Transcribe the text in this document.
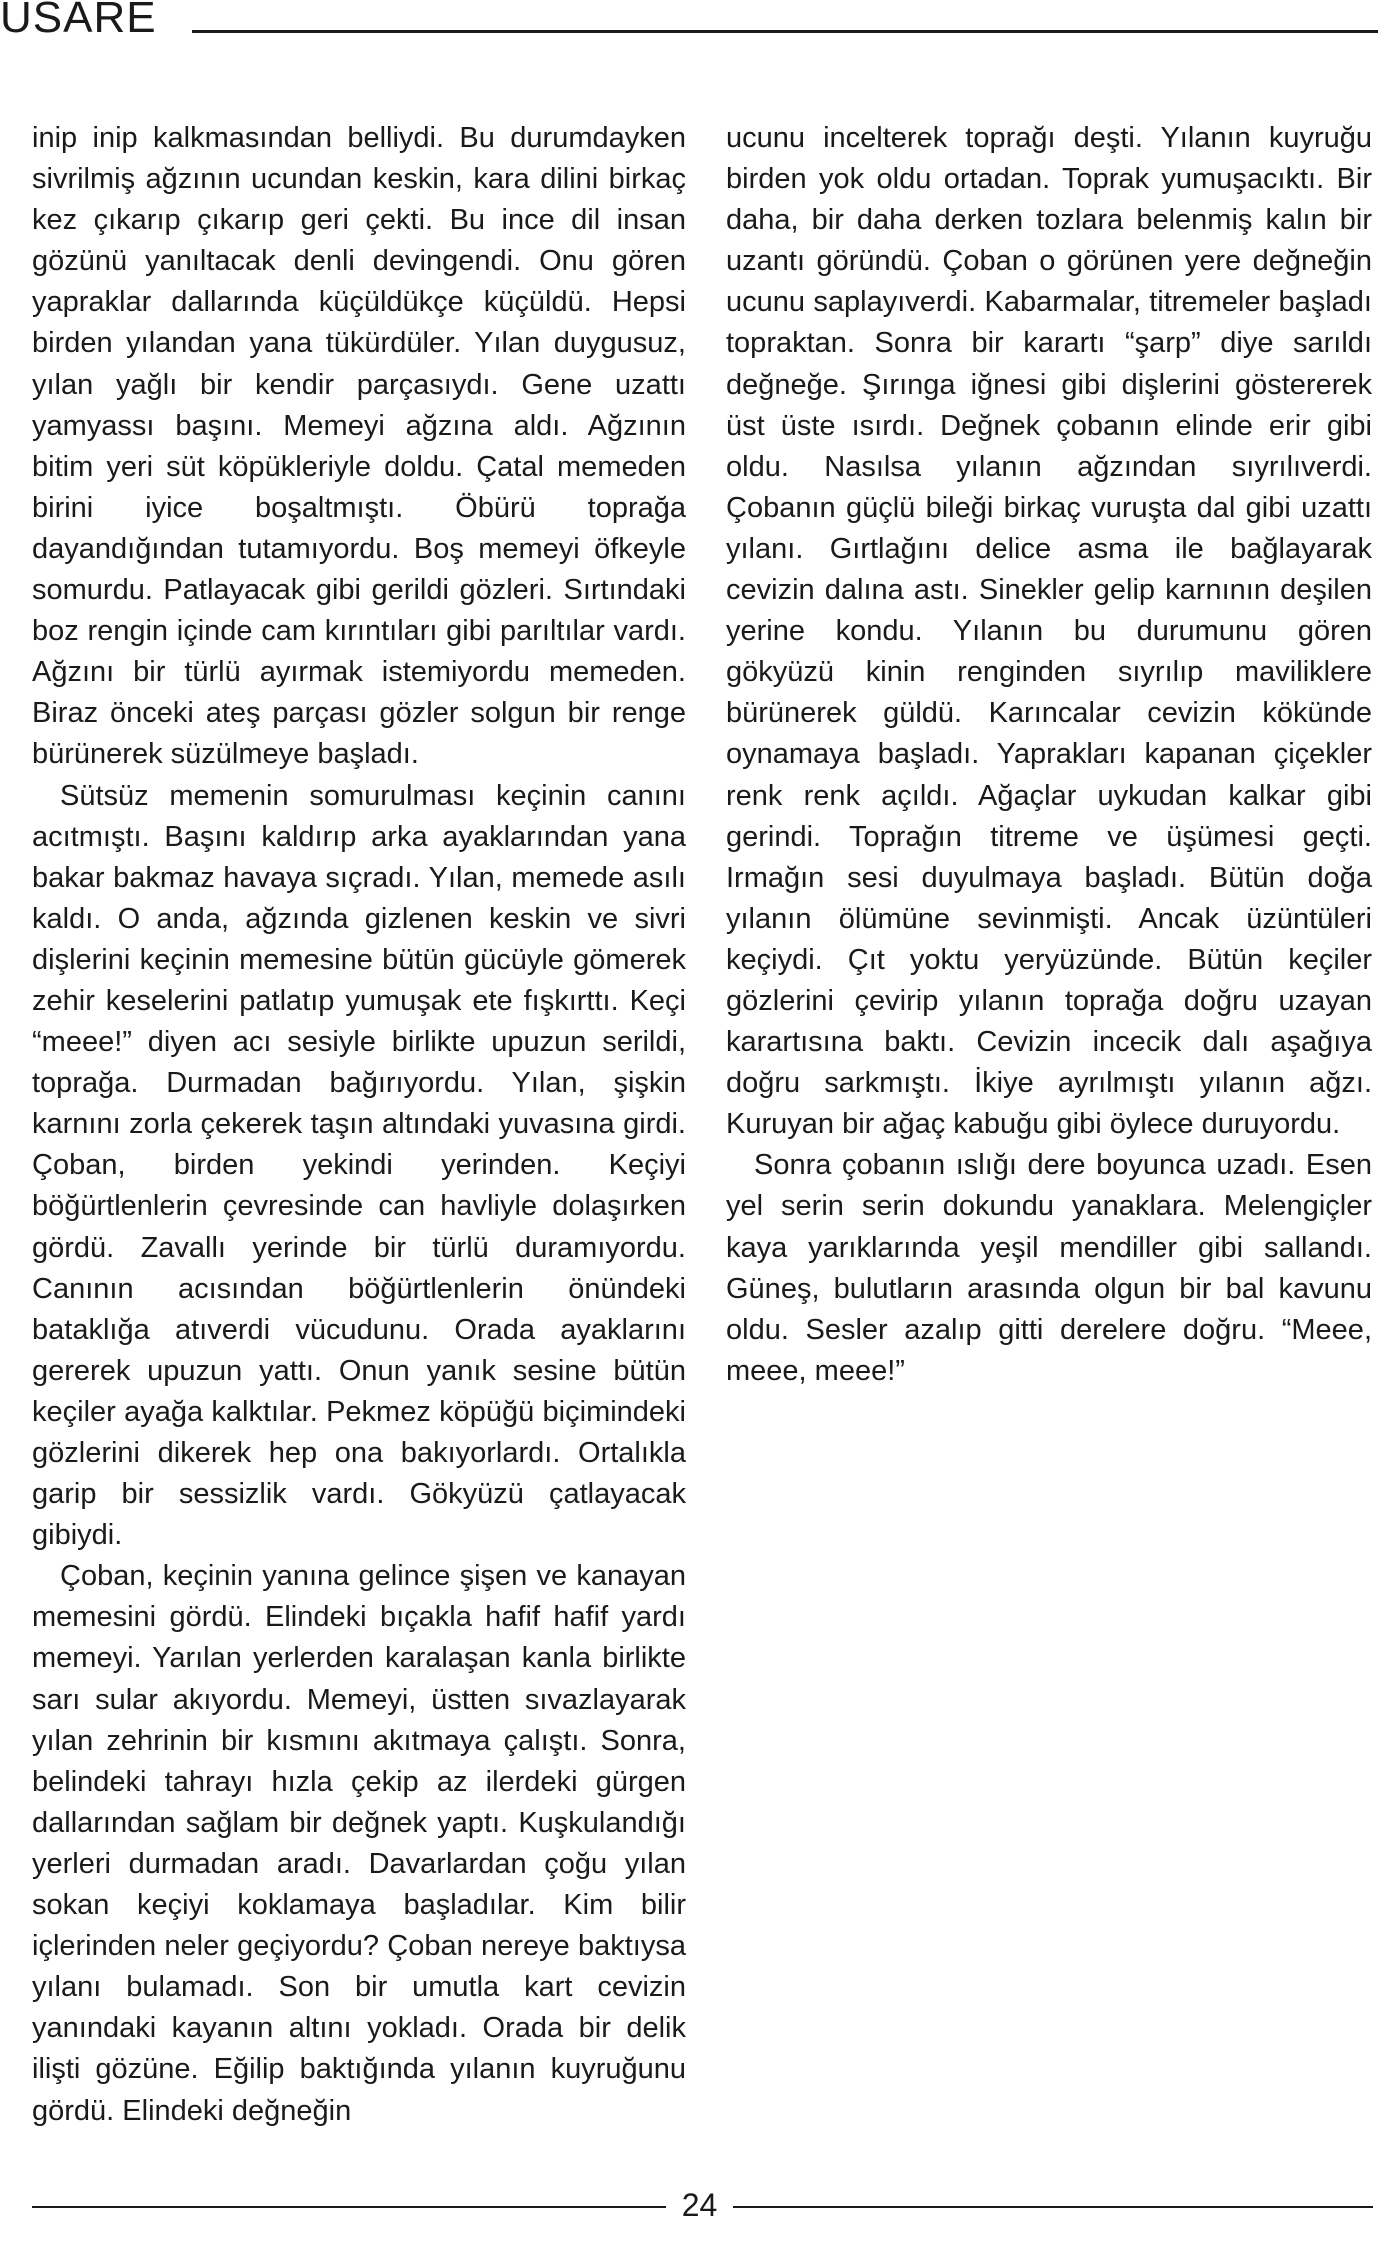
USARE

inip inip kalkmasından belliydi. Bu durumdayken sivrilmiş ağzının ucundan keskin, kara dilini birkaç kez çıkarıp çıkarıp geri çekti. Bu ince dil insan gözünü yanıltacak denli devingendi. Onu gören yapraklar dallarında küçüldükçe küçüldü. Hepsi birden yılandan yana tükürdüler. Yılan duygusuz, yılan yağlı bir kendir parçasıydı. Gene uzattı yamyassı başını. Memeyi ağzına aldı. Ağzının bitim yeri süt köpükleriyle doldu. Çatal memeden birini iyice boşaltmıştı. Öbürü toprağa dayandığından tutamıyordu. Boş memeyi öfkeyle somurdu. Patlayacak gibi gerildi gözleri. Sırtındaki boz rengin içinde cam kırıntıları gibi parıltılar vardı. Ağzını bir türlü ayırmak istemiyordu memeden. Biraz önceki ateş parçası gözler solgun bir renge bürünerek süzülmeye başladı.

Sütsüz memenin somurulması keçinin canını acıtmıştı. Başını kaldırıp arka ayaklarından yana bakar bakmaz havaya sıçradı. Yılan, memede asılı kaldı. O anda, ağzında gizlenen keskin ve sivri dişlerini keçinin memesine bütün gücüyle gömerek zehir keselerini patlatıp yumuşak ete fışkırttı. Keçi “meee!” diyen acı sesiyle birlikte upuzun serildi, toprağa. Durmadan bağırıyordu. Yılan, şişkin karnını zorla çekerek taşın altındaki yuvasına girdi. Çoban, birden yekindi yerinden. Keçiyi böğürtlenlerin çevresinde can havliyle dolaşırken gördü. Zavallı yerinde bir türlü duramıyordu. Canının acısından böğürtlenlerin önündeki bataklığa atıverdi vücudunu. Orada ayaklarını gererek upuzun yattı. Onun yanık sesine bütün keçiler ayağa kalktılar. Pekmez köpüğü biçimindeki gözlerini dikerek hep ona bakıyorlardı. Ortalıkla garip bir sessizlik vardı. Gökyüzü çatlayacak gibiydi.

Çoban, keçinin yanına gelince şişen ve kanayan memesini gördü. Elindeki bıçakla hafif hafif yardı memeyi. Yarılan yerlerden karalaşan kanla birlikte sarı sular akıyordu. Memeyi, üstten sıvazlayarak yılan zehrinin bir kısmını akıtmaya çalıştı. Sonra, belindeki tahrayı hızla çekip az ilerdeki gürgen dallarından sağlam bir değnek yaptı. Kuşkulandığı yerleri durmadan aradı. Davarlardan çoğu yılan sokan keçiyi koklamaya başladılar. Kim bilir içlerinden neler geçiyordu? Çoban nereye baktıysa yılanı bulamadı. Son bir umutla kart cevizin yanındaki kayanın altını yokladı. Orada bir delik ilişti gözüne. Eğilip baktığında yılanın kuyruğunu gördü. Elindeki değneğin

ucunu incelterek toprağı deşti. Yılanın kuyruğu birden yok oldu ortadan. Toprak yumuşacıktı. Bir daha, bir daha derken tozlara belenmiş kalın bir uzantı göründü. Çoban o görünen yere değneğin ucunu saplayıverdi. Kabarmalar, titremeler başladı topraktan. Sonra bir karartı “şarp” diye sarıldı değneğe. Şırınga iğnesi gibi dişlerini göstererek üst üste ısırdı. Değnek çobanın elinde erir gibi oldu. Nasılsa yılanın ağzından sıyrılıverdi. Çobanın güçlü bileği birkaç vuruşta dal gibi uzattı yılanı. Gırtlağını delice asma ile bağlayarak cevizin dalına astı. Sinekler gelip karnının deşilen yerine kondu. Yılanın bu durumunu gören gökyüzü kinin renginden sıyrılıp maviliklere bürünerek güldü. Karıncalar cevizin kökünde oynamaya başladı. Yaprakları kapanan çiçekler renk renk açıldı. Ağaçlar uykudan kalkar gibi gerindi. Toprağın titreme ve üşümesi geçti. Irmağın sesi duyulmaya başladı. Bütün doğa yılanın ölümüne sevinmişti. Ancak üzüntüleri keçiydi. Çıt yoktu yeryüzünde. Bütün keçiler gözlerini çevirip yılanın toprağa doğru uzayan karartısına baktı. Cevizin incecik dalı aşağıya doğru sarkmıştı. İkiye ayrılmıştı yılanın ağzı. Kuruyan bir ağaç kabuğu gibi öylece duruyordu.

Sonra çobanın ıslığı dere boyunca uzadı. Esen yel serin serin dokundu yanaklara. Melengiçler kaya yarıklarında yeşil mendiller gibi sallandı. Güneş, bulutların arasında olgun bir bal kavunu oldu. Sesler azalıp gitti derelere doğru. “Meee, meee, meee!”

24
